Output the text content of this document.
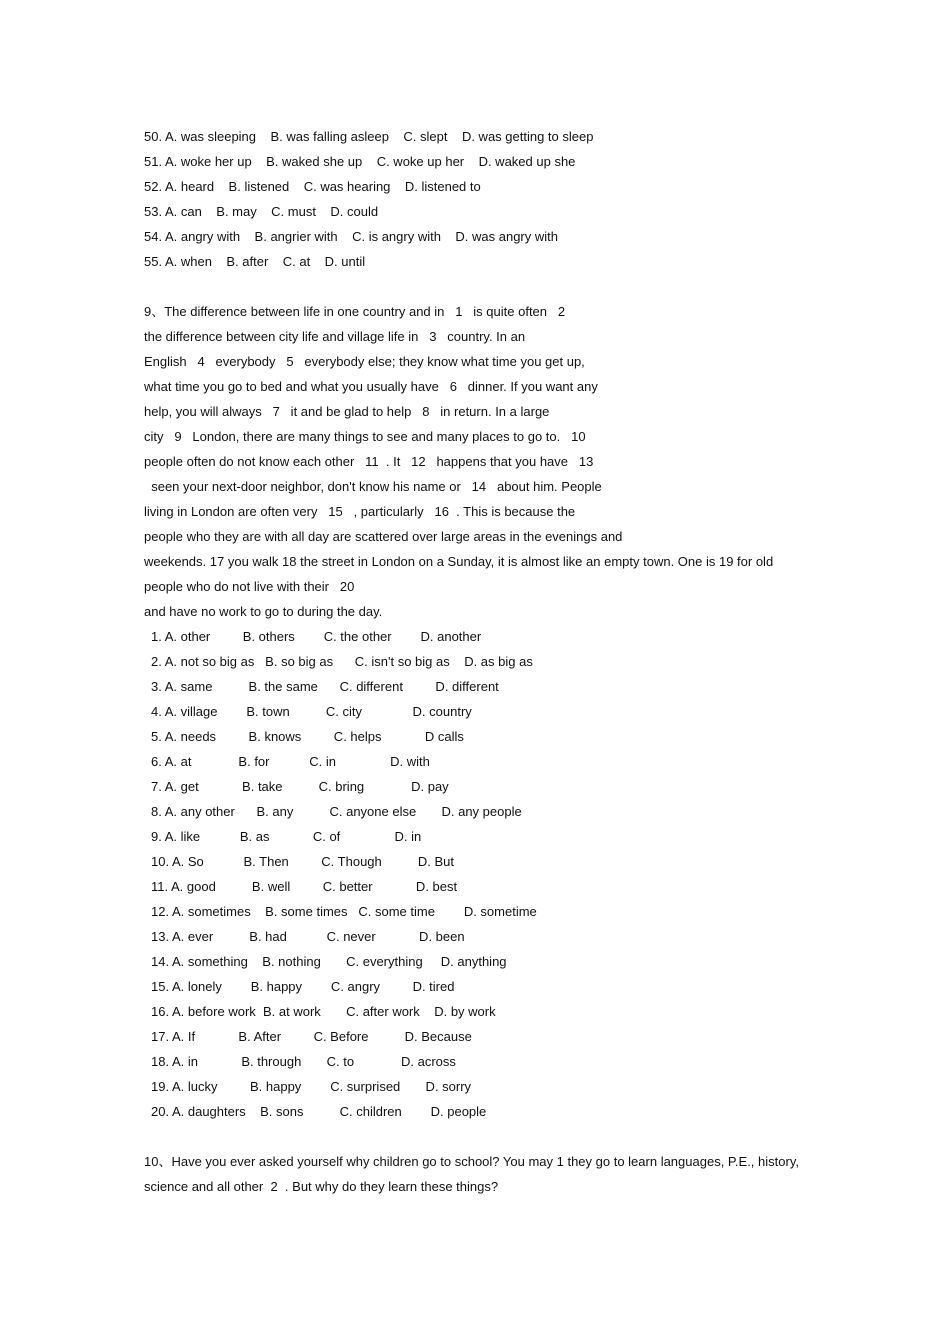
50. A. was sleeping    B. was falling asleep    C. slept    D. was getting to sleep
51. A. woke her up    B. waked she up    C. woke up her    D. waked up she
52. A. heard    B. listened    C. was hearing    D. listened to
53. A. can    B. may    C. must    D. could
54. A. angry with    B. angrier with    C. is angry with    D. was angry with
55. A. when    B. after    C. at    D. until
9、The difference between life in one country and in   1   is quite often   2
the difference between city life and village life in   3   country. In an
English   4   everybody   5   everybody else; they know what time you get up,
what time you go to bed and what you usually have   6   dinner. If you want any
help, you will always   7   it and be glad to help   8   in return. In a large
city   9   London, there are many things to see and many places to go to.   10
people often do not know each other   11  . It   12   happens that you have   13
seen your next-door neighbor, don't know his name or   14   about him. People
living in London are often very   15   , particularly   16  . This is because the
people who they are with all day are scattered over large areas in the evenings and
weekends. 17 you walk 18 the street in London on a Sunday, it is almost like an empty town. One is 19 for old
people who do not live with their   20
and have no work to go to during the day.
1. A. other         B. others        C. the other        D. another
2. A. not so big as   B. so big as      C. isn't so big as    D. as big as
3. A. same          B. the same      C. different         D. different
4. A. village        B. town          C. city              D. country
5. A. needs         B. knows         C. helps            D calls
6. A. at             B. for           C. in               D. with
7. A. get            B. take          C. bring             D. pay
8. A. any other      B. any          C. anyone else       D. any people
9. A. like           B. as            C. of               D. in
10. A. So           B. Then         C. Though          D. But
11. A. good          B. well         C. better            D. best
12. A. sometimes    B. some times   C. some time        D. sometime
13. A. ever          B. had           C. never            D. been
14. A. something    B. nothing       C. everything     D. anything
15. A. lonely        B. happy        C. angry         D. tired
16. A. before work  B. at work       C. after work    D. by work
17. A. If            B. After         C. Before          D. Because
18. A. in            B. through       C. to             D. across
19. A. lucky         B. happy        C. surprised       D. sorry
20. A. daughters    B. sons          C. children        D. people
10、Have you ever asked yourself why children go to school? You may 1 they go to learn languages, P.E., history,
science and all other  2  . But why do they learn these things?
